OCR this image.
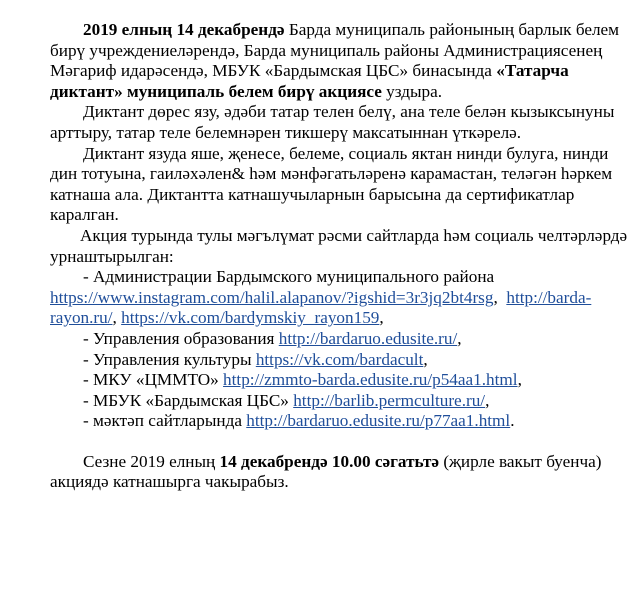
2019 елның 14 декабрендә Барда муниципаль районының барлык белем бирү учреждениеләрендә, Барда муниципаль районы Администрациясенең Мәгариф идарәсендә, МБУК «Бардымская ЦБС» бинасында «Татарча диктант» муниципаль белем бирү акциясе уздыра.

Диктант дөрес язу, әдәби татар телен белү, ана теле белән кызыксынуны арттыру, татар теле белемнәрен тикшерү максатыннан үткәрелә.

Диктант язуда яше, җенесе, белеме, социаль яктан нинди булуга, нинди дин тотуына, гаиләхәлен& hәм мәнфәгатьләренә карамастан, теләгән hәркем катнаша ала. Диктантта катнашучыларнын барысына да сертификатлар каралган.

Акция турында тулы мәгълүмат рәсми сайтларда hәм социаль челтәрләрдә урнаштырылган:

- Администрации Бардымского муниципального района

https://www.instagram.com/halil.alapanov/?igshid=3r3jq2bt4rsg,  http://barda-rayon.ru/, https://vk.com/bardymskiy_rayon159,

- Управления образования http://bardaruo.edusite.ru/,

- Управления культуры https://vk.com/bardacult,

- МКУ «ЦММТО» http://zmmto-barda.edusite.ru/p54aa1.html,

- МБУК «Бардымская ЦБС» http://barlib.permculture.ru/,

- мәктәп сайтларында http://bardaruo.edusite.ru/p77aa1.html.

Сезне 2019 елның 14 декабрендә 10.00 сәгатьтә (җирле вакыт буенча) акциядә катнашырга чакырабыз.
